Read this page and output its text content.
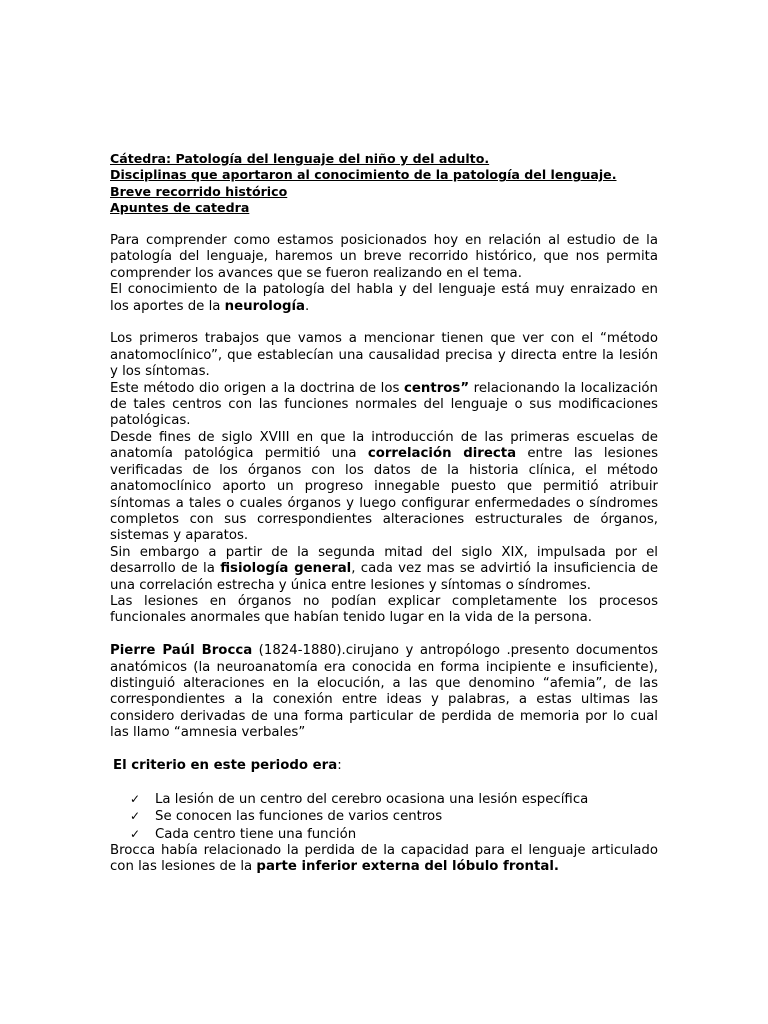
Cátedra: Patología del lenguaje del niño y del adulto.
Disciplinas que aportaron al conocimiento de la patología del lenguaje.
Breve recorrido histórico
Apuntes de catedra

Para comprender como estamos posicionados hoy en relación al estudio de la patología del lenguaje, haremos un breve recorrido histórico, que nos permita comprender los avances que se fueron realizando en el tema.

El conocimiento de la patología del habla y del lenguaje está muy enraizado en los aportes de la neurología.

Los primeros trabajos que vamos a mencionar tienen que ver con el “método anatomoclínico”, que establecían una causalidad precisa y directa entre la lesión y los síntomas.

Este método dio origen a la doctrina de los centros” relacionando la localización de tales centros con las funciones normales del lenguaje o sus modificaciones patológicas.

Desde fines de siglo XVIII en que la introducción de las primeras escuelas de anatomía patológica permitió una correlación directa entre las lesiones verificadas de los órganos con los datos de la historia clínica, el método anatomoclínico aporto un progreso innegable puesto que permitió atribuir síntomas a tales o cuales órganos y luego configurar enfermedades o síndromes completos con sus correspondientes alteraciones estructurales de órganos, sistemas y aparatos.

Sin embargo a partir de la segunda mitad del siglo XIX, impulsada por el desarrollo de la fisiología general, cada vez mas se advirtió la insuficiencia de una correlación estrecha y única entre lesiones y síntomas o síndromes.

Las lesiones en órganos no podían explicar completamente los procesos funcionales anormales que habían tenido lugar en la vida de la persona.

Pierre Paúl Brocca (1824-1880).cirujano y antropólogo .presento documentos anatómicos (la neuroanatomía era conocida en forma incipiente e insuficiente), distinguió alteraciones en la elocución, a las que denomino “afemia”, de las correspondientes a la conexión entre ideas y palabras, a estas ultimas las considero derivadas de una forma particular de perdida de memoria por lo cual las llamo “amnesia verbales”

El criterio en este periodo era:

✓	La lesión de un centro del cerebro ocasiona una lesión específica
✓	Se conocen las funciones de varios centros
✓	Cada centro tiene una función

Brocca había relacionado la perdida de la capacidad para el lenguaje articulado con las lesiones de la parte inferior externa del lóbulo frontal.
